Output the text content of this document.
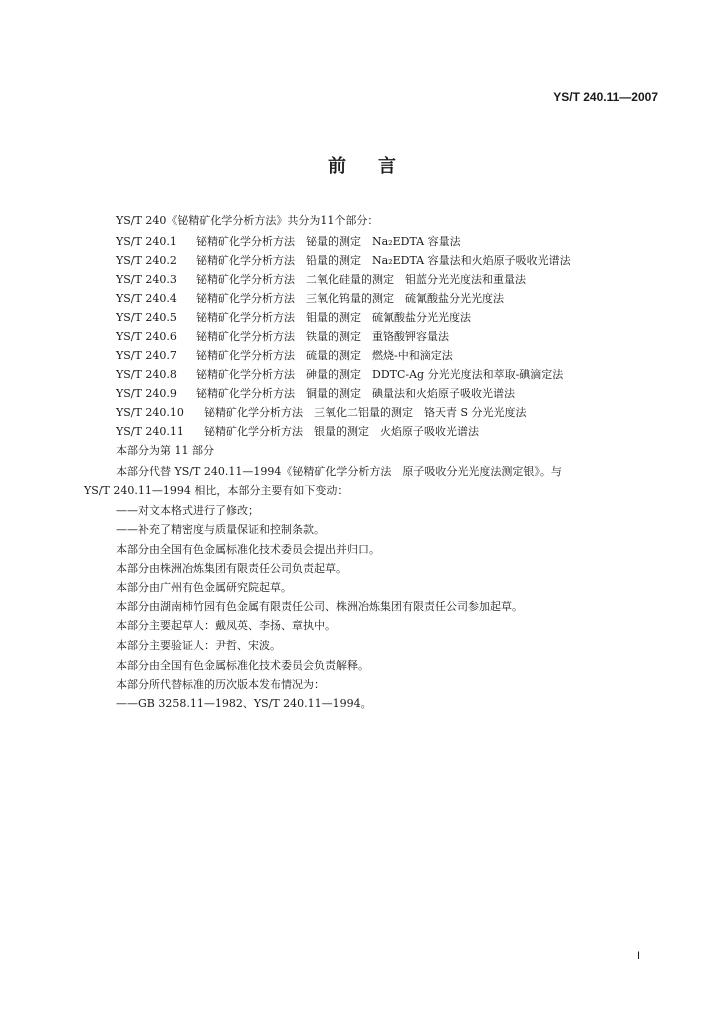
YS/T 240.11—2007
前言
YS/T 240《铋精矿化学分析方法》共分为11个部分：
YS/T 240.1 铋精矿化学分析方法　铋量的测定　Na₂EDTA 容量法
YS/T 240.2 铋精矿化学分析方法　铅量的测定　Na₂EDTA 容量法和火焰原子吸收光谱法
YS/T 240.3 铋精矿化学分析方法　二氧化硅量的测定　钼蓝分光光度法和重量法
YS/T 240.4 铋精矿化学分析方法　三氧化钨量的测定　硫氰酸盐分光光度法
YS/T 240.5 铋精矿化学分析方法　钼量的测定　硫氰酸盐分光光度法
YS/T 240.6 铋精矿化学分析方法　铁量的测定　重铬酸钾容量法
YS/T 240.7 铋精矿化学分析方法　硫量的测定　燃烧-中和滴定法
YS/T 240.8 铋精矿化学分析方法　砷量的测定　DDTC-Ag 分光光度法和萃取-碘滴定法
YS/T 240.9 铋精矿化学分析方法　铜量的测定　碘量法和火焰原子吸收光谱法
YS/T 240.10 铋精矿化学分析方法　三氧化二铝量的测定　铬天青 S 分光光度法
YS/T 240.11 铋精矿化学分析方法　银量的测定　火焰原子吸收光谱法
本部分为第 11 部分
本部分代替 YS/T 240.11—1994《铋精矿化学分析方法　原子吸收分光光度法测定银》。与
YS/T 240.11—1994 相比，本部分主要有如下变动：
——对文本格式进行了修改；
——补充了精密度与质量保证和控制条款。
本部分由全国有色金属标准化技术委员会提出并归口。
本部分由株洲冶炼集团有限责任公司负责起草。
本部分由广州有色金属研究院起草。
本部分由湖南柿竹园有色金属有限责任公司、株洲冶炼集团有限责任公司参加起草。
本部分主要起草人：戴凤英、李扬、章执中。
本部分主要验证人：尹哲、宋波。
本部分由全国有色金属标准化技术委员会负责解释。
本部分所代替标准的历次版本发布情况为：
——GB 3258.11—1982、YS/T 240.11—1994。
I
